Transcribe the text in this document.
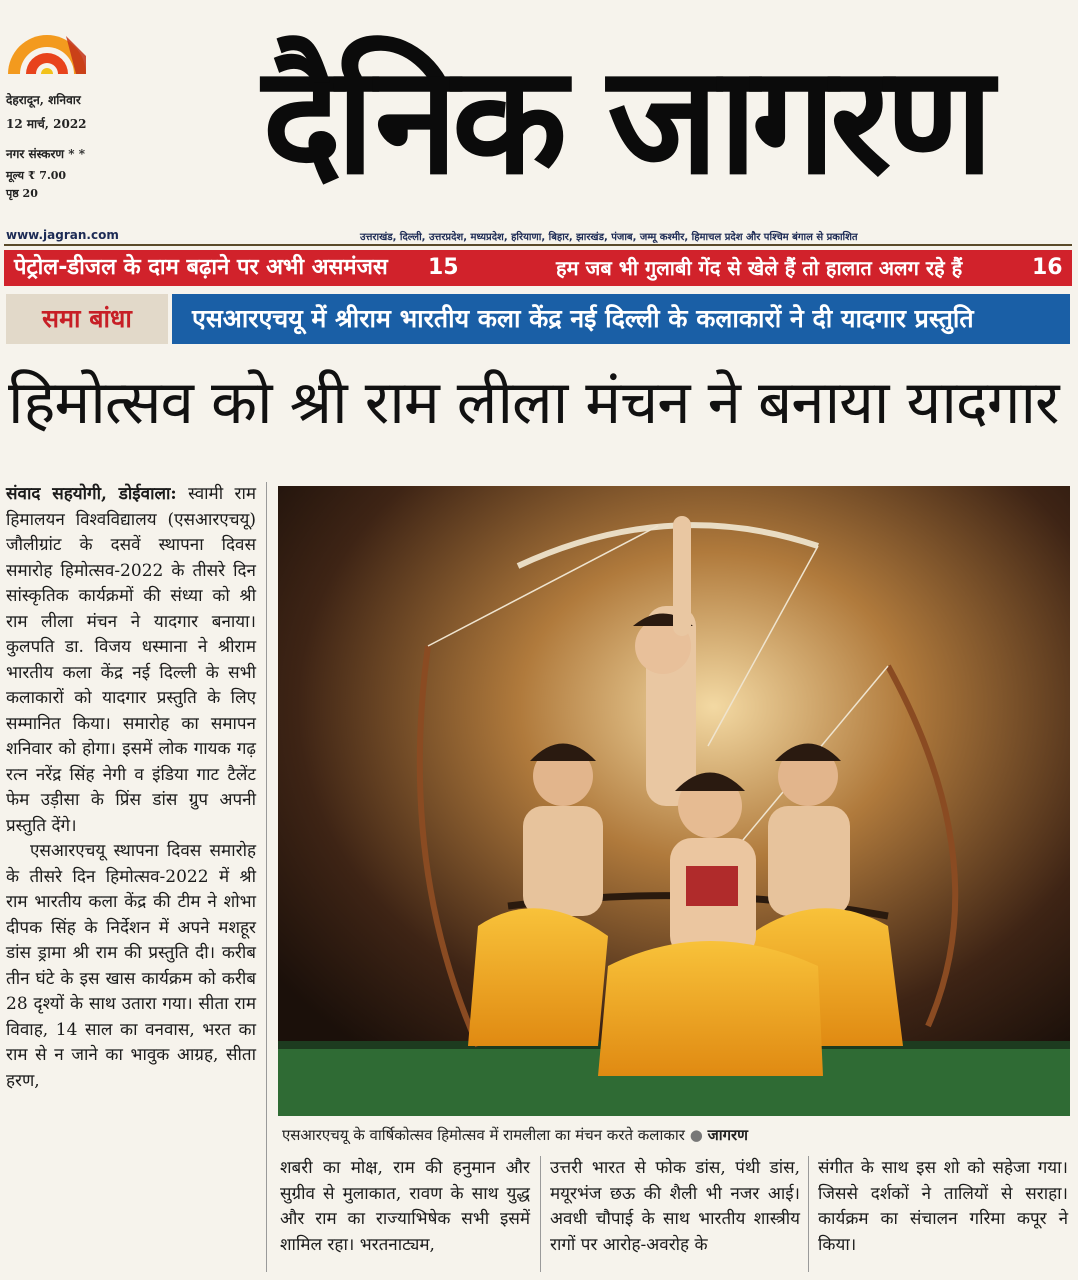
देहरादून, शनिवार
12 मार्च, 2022
नगर संस्करण * *
मूल्य ₹ 7.00
पृष्ठ 20	दैनिक जागरण
www.jagran.com	उत्तराखंड, दिल्ली, उत्तरप्रदेश, मध्यप्रदेश, हरियाणा, बिहार, झारखंड, पंजाब, जम्मू कश्मीर, हिमाचल प्रदेश और पश्चिम बंगाल से प्रकाशित
पेट्रोल-डीजल के दाम बढ़ाने पर अभी असमंजस 15	हम जब भी गुलाबी गेंद से खेले हैं तो हालात अलग रहे हैं	16
समा बांधा	एसआरएचयू में श्रीराम भारतीय कला केंद्र नई दिल्ली के कलाकारों ने दी यादगार प्रस्तुति
हिमोत्सव को श्री राम लीला मंचन ने बनाया यादगार

संवाद सहयोगी, डोईवाला: स्वामी राम हिमालयन विश्वविद्यालय (एसआरएचयू) जौलीग्रांट के दसवें स्थापना दिवस समारोह हिमोत्सव-2022 के तीसरे दिन सांस्कृतिक कार्यक्रमों की संध्या को श्री राम लीला मंचन ने यादगार बनाया। कुलपति डा. विजय धस्माना ने श्रीराम भारतीय कला केंद्र नई दिल्ली के सभी कलाकारों को यादगार प्रस्तुति के लिए सम्मानित किया। समारोह का समापन शनिवार को होगा। इसमें लोक गायक गढ़ रत्न नरेंद्र सिंह नेगी व इंडिया गाट टैलेंट फेम उड़ीसा के प्रिंस डांस ग्रुप अपनी प्रस्तुति देंगे।

एसआरएचयू स्थापना दिवस समारोह के तीसरे दिन हिमोत्सव-2022 में श्री राम भारतीय कला केंद्र की टीम ने शोभा दीपक सिंह के निर्देशन में अपने मशहूर डांस ड्रामा श्री राम की प्रस्तुति दी। करीब तीन घंटे के इस खास कार्यक्रम को करीब 28 दृश्यों के साथ उतारा गया। सीता राम विवाह, 14 साल का वनवास, भरत का राम से न जाने का भावुक आग्रह, सीता हरण,

एसआरएचयू के वार्षिकोत्सव हिमोत्सव में रामलीला का मंचन करते कलाकार ● जागरण
शबरी का मोक्ष, राम की हनुमान और सुग्रीव से मुलाकात, रावण के साथ युद्ध और राम का राज्याभिषेक सभी इसमें शामिल रहा। भरतनाट्यम,
उत्तरी भारत से फोक डांस, पंथी डांस, मयूरभंज छऊ की शैली भी नजर आई। अवधी चौपाई के साथ भारतीय शास्त्रीय रागों पर आरोह-अवरोह के
संगीत के साथ इस शो को सहेजा गया। जिससे दर्शकों ने तालियों से सराहा। कार्यक्रम का संचालन गरिमा कपूर ने किया।
